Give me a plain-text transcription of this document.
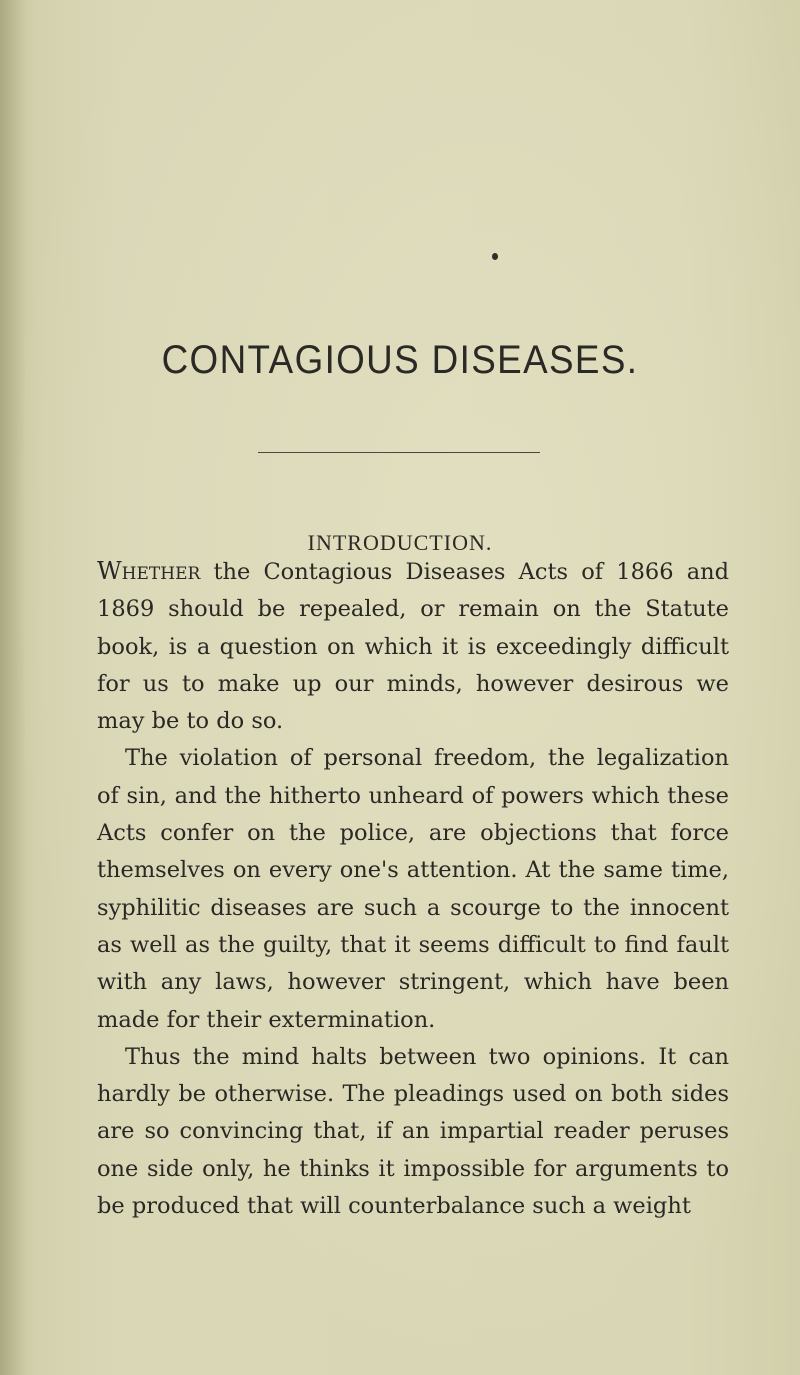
CONTAGIOUS DISEASES.
INTRODUCTION.

Whether the Contagious Diseases Acts of 1866 and 1869 should be repealed, or remain on the Statute book, is a question on which it is exceedingly difficult for us to make up our minds, however desirous we may be to do so.

The violation of personal freedom, the legalization of sin, and the hitherto unheard of powers which these Acts confer on the police, are objections that force themselves on every one's attention. At the same time, syphilitic diseases are such a scourge to the innocent as well as the guilty, that it seems difficult to find fault with any laws, however stringent, which have been made for their extermination.

Thus the mind halts between two opinions. It can hardly be otherwise. The pleadings used on both sides are so convincing that, if an impartial reader peruses one side only, he thinks it impossible for arguments to be produced that will counterbalance such a weight
